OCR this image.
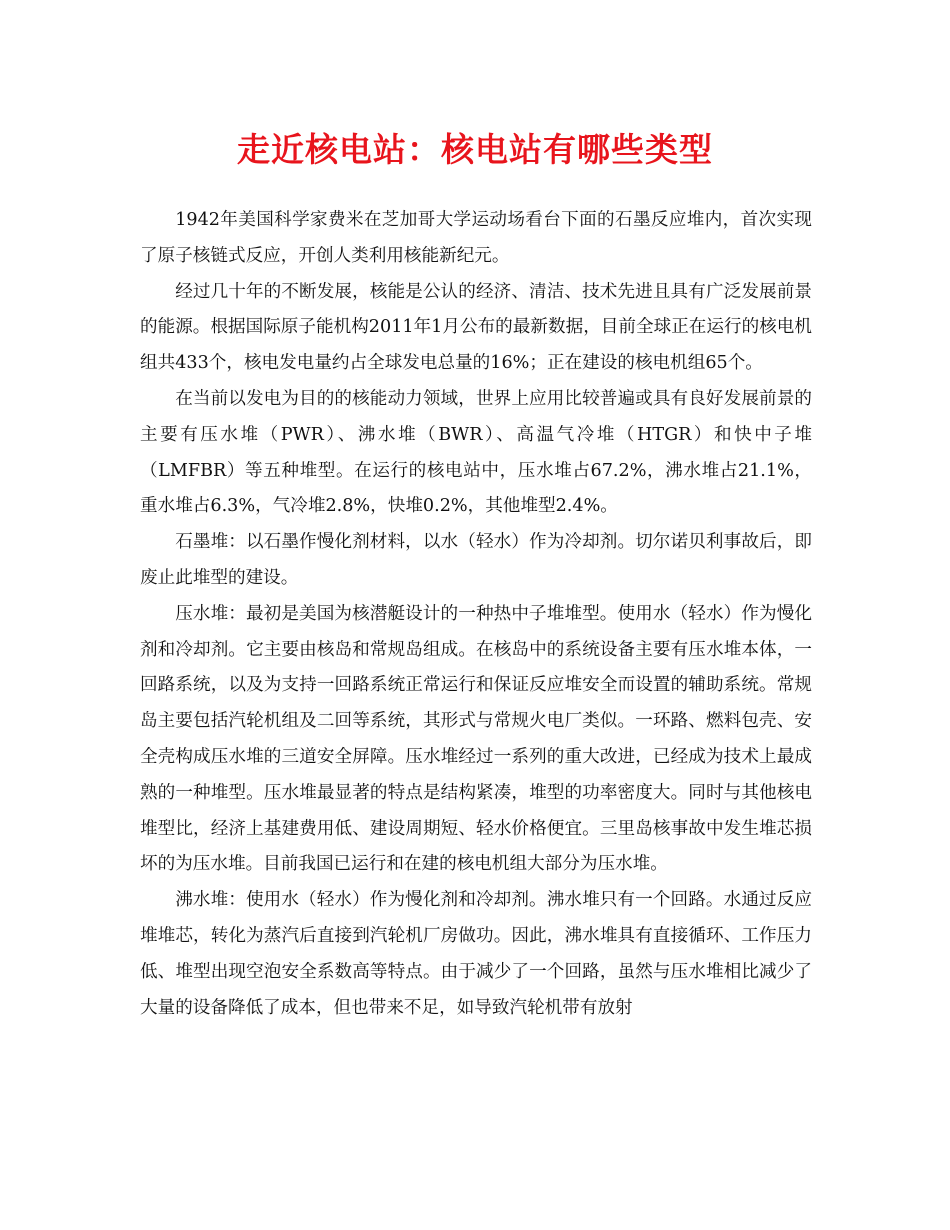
走近核电站：核电站有哪些类型

1942年美国科学家费米在芝加哥大学运动场看台下面的石墨反应堆内，首次实现了原子核链式反应，开创人类利用核能新纪元。

经过几十年的不断发展，核能是公认的经济、清洁、技术先进且具有广泛发展前景的能源。根据国际原子能机构2011年1月公布的最新数据，目前全球正在运行的核电机组共433个，核电发电量约占全球发电总量的16%；正在建设的核电机组65个。

在当前以发电为目的的核能动力领域，世界上应用比较普遍或具有良好发展前景的主要有压水堆（PWR）、沸水堆（BWR）、高温气冷堆（HTGR）和快中子堆（LMFBR）等五种堆型。在运行的核电站中，压水堆占67.2%，沸水堆占21.1%，重水堆占6.3%，气冷堆2.8%，快堆0.2%，其他堆型2.4%。

石墨堆：以石墨作慢化剂材料，以水（轻水）作为冷却剂。切尔诺贝利事故后，即废止此堆型的建设。

压水堆：最初是美国为核潜艇设计的一种热中子堆堆型。使用水（轻水）作为慢化剂和冷却剂。它主要由核岛和常规岛组成。在核岛中的系统设备主要有压水堆本体，一回路系统，以及为支持一回路系统正常运行和保证反应堆安全而设置的辅助系统。常规岛主要包括汽轮机组及二回等系统，其形式与常规火电厂类似。一环路、燃料包壳、安全壳构成压水堆的三道安全屏障。压水堆经过一系列的重大改进，已经成为技术上最成熟的一种堆型。压水堆最显著的特点是结构紧凑，堆型的功率密度大。同时与其他核电堆型比，经济上基建费用低、建设周期短、轻水价格便宜。三里岛核事故中发生堆芯损坏的为压水堆。目前我国已运行和在建的核电机组大部分为压水堆。

沸水堆：使用水（轻水）作为慢化剂和冷却剂。沸水堆只有一个回路。水通过反应堆堆芯，转化为蒸汽后直接到汽轮机厂房做功。因此，沸水堆具有直接循环、工作压力低、堆型出现空泡安全系数高等特点。由于减少了一个回路，虽然与压水堆相比减少了大量的设备降低了成本，但也带来不足，如导致汽轮机带有放射
